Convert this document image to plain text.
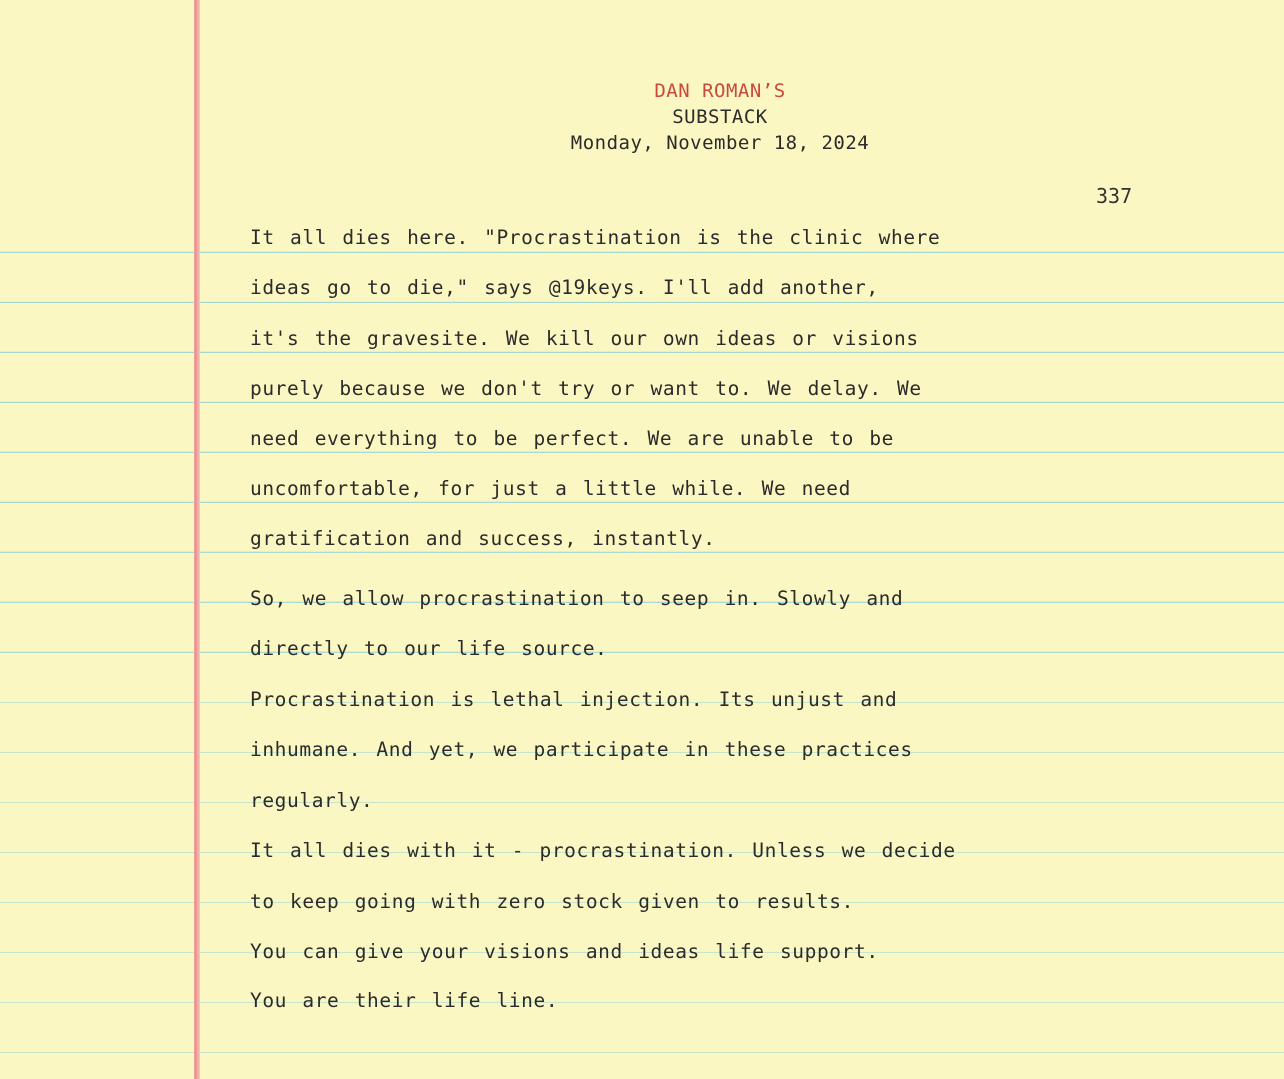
DAN ROMAN’S
SUBSTACK
Monday, November 18, 2024
337
It all dies here. "Procrastination is the clinic where
ideas go to die," says @19keys. I'll add another,
it's the gravesite. We kill our own ideas or visions
purely because we don't try or want to. We delay. We
need everything to be perfect. We are unable to be
uncomfortable, for just a little while. We need
gratification and success, instantly.
So, we allow procrastination to seep in. Slowly and
directly to our life source.
Procrastination is lethal injection. Its unjust and
inhumane. And yet, we participate in these practices
regularly.
It all dies with it - procrastination. Unless we decide
to keep going with zero stock given to results.
You can give your visions and ideas life support.
You are their life line.
